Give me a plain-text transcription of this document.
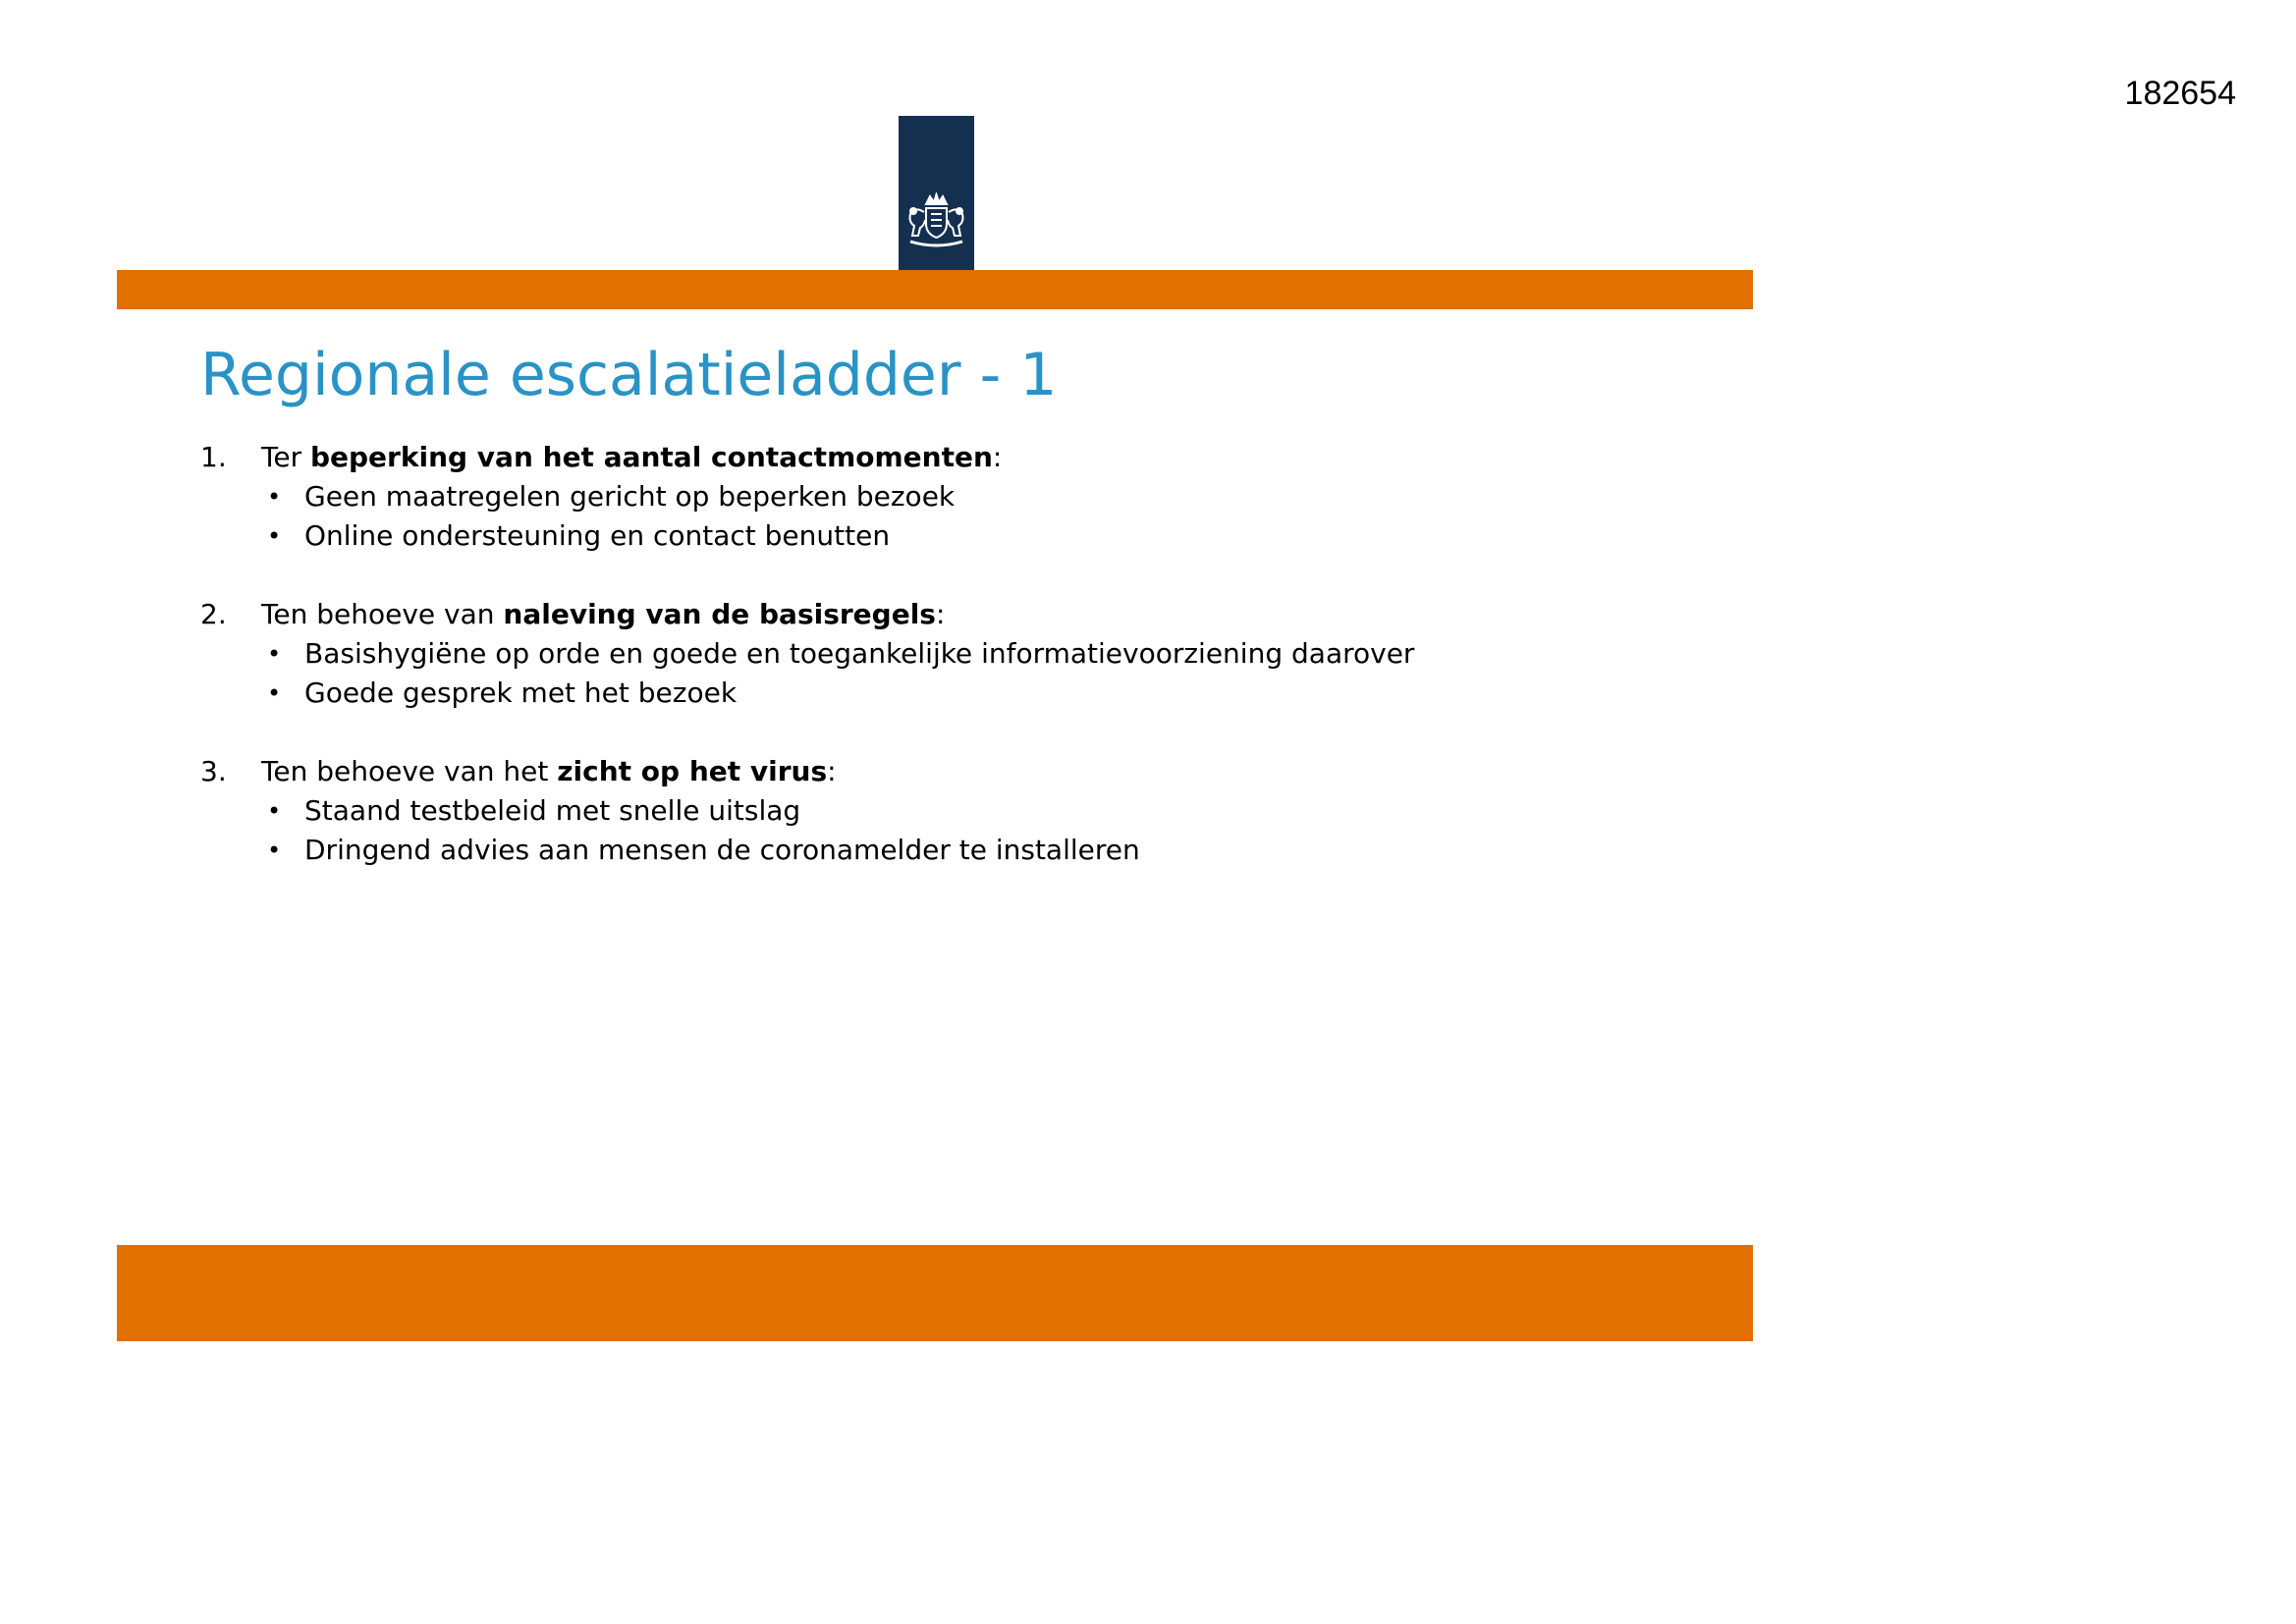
182654
Regionale escalatieladder - 1
1.	Ter beperking van het aantal contactmomenten :
• Geen maatregelen gericht op beperken bezoek
• Online ondersteuning en contact benutten
2.	Ten behoeve van naleving van de basisregels :
• Basishygiëne op orde en goede en toegankelijke informatievoorziening daarover
• Goede gesprek met het bezoek
3.	Ten behoeve van het zicht op het virus :
• Staand testbeleid met snelle uitslag
• Dringend advies aan mensen de coronamelder te installeren
